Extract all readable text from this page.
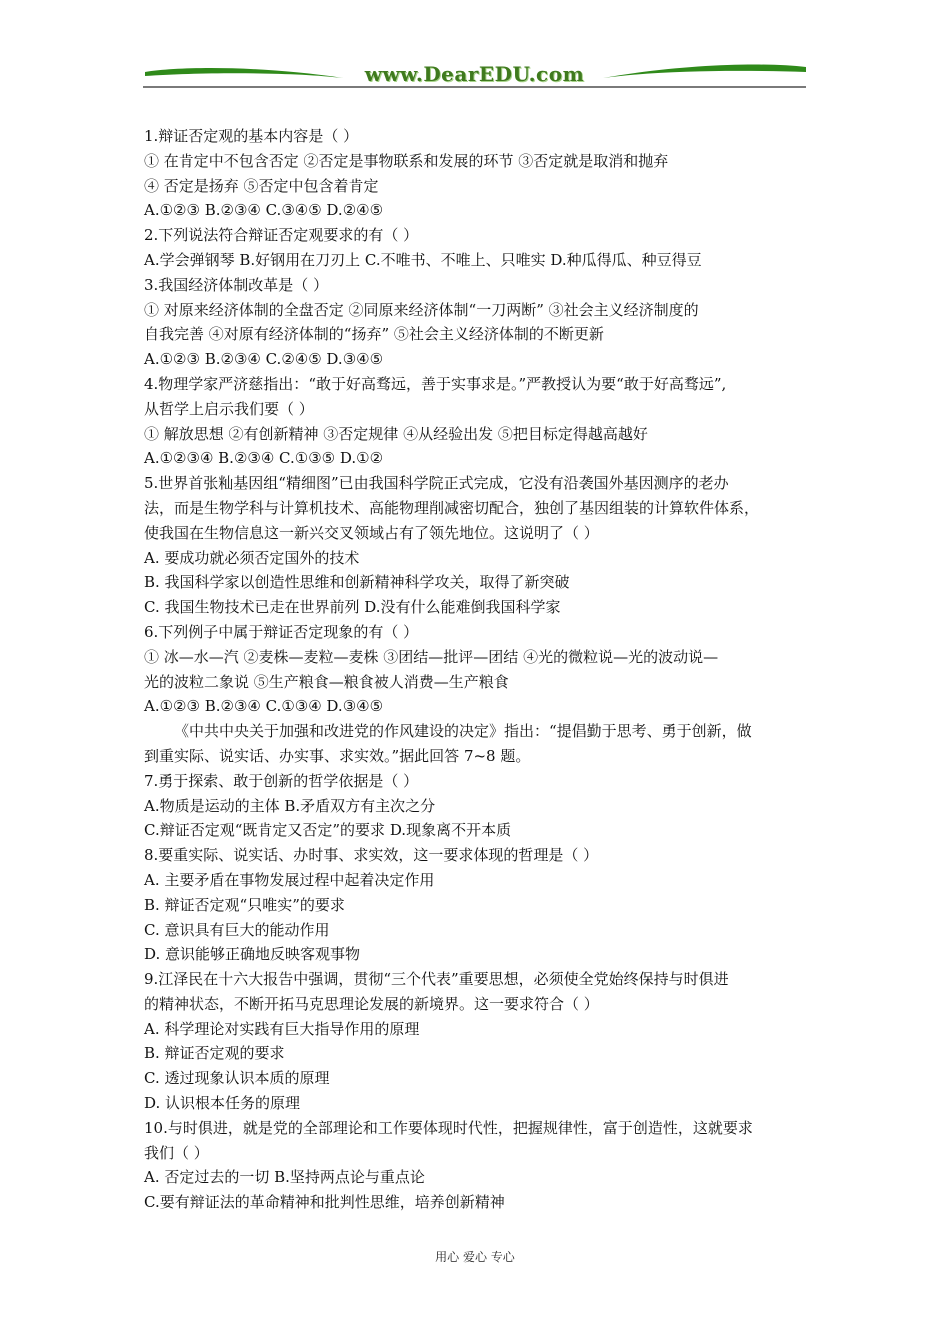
www.DearEDU.com
1.辩证否定观的基本内容是（ ）
① 在肯定中不包含否定 ②否定是事物联系和发展的环节 ③否定就是取消和抛弃
④ 否定是扬弃 ⑤否定中包含着肯定
A.①②③ B.②③④ C.③④⑤ D.②④⑤
2.下列说法符合辩证否定观要求的有（ ）
A.学会弹钢琴 B.好钢用在刀刃上 C.不唯书、不唯上、只唯实 D.种瓜得瓜、种豆得豆
3.我国经济体制改革是（ ）
① 对原来经济体制的全盘否定 ②同原来经济体制“一刀两断” ③社会主义经济制度的
自我完善 ④对原有经济体制的“扬弃” ⑤社会主义经济体制的不断更新
A.①②③ B.②③④ C.②④⑤ D.③④⑤
4.物理学家严济慈指出：“敢于好高骛远，善于实事求是。”严教授认为要“敢于好高骛远”,
从哲学上启示我们要（ ）
① 解放思想 ②有创新精神 ③否定规律 ④从经验出发 ⑤把目标定得越高越好
A.①②③④ B.②③④ C.①③⑤ D.①②
5.世界首张籼基因组“精细图”已由我国科学院正式完成，它没有沿袭国外基因测序的老办
法，而是生物学科与计算机技术、高能物理削减密切配合，独创了基因组装的计算软件体系，
使我国在生物信息这一新兴交叉领域占有了领先地位。这说明了（ ）
A. 要成功就必须否定国外的技术
B. 我国科学家以创造性思维和创新精神科学攻关，取得了新突破
C. 我国生物技术已走在世界前列 D.没有什么能难倒我国科学家
6.下列例子中属于辩证否定现象的有（ ）
① 冰—水—汽 ②麦株—麦粒—麦株 ③团结—批评—团结 ④光的微粒说—光的波动说—
光的波粒二象说 ⑤生产粮食—粮食被人消费—生产粮食
A.①②③ B.②③④ C.①③④ D.③④⑤
《中共中央关于加强和改进党的作风建设的决定》指出：“提倡勤于思考、勇于创新，做
到重实际、说实话、办实事、求实效。”据此回答 7~8 题。
7.勇于探索、敢于创新的哲学依据是（ ）
A.物质是运动的主体 B.矛盾双方有主次之分
C.辩证否定观“既肯定又否定”的要求 D.现象离不开本质
8.要重实际、说实话、办时事、求实效，这一要求体现的哲理是（ ）
A. 主要矛盾在事物发展过程中起着决定作用
B. 辩证否定观“只唯实”的要求
C. 意识具有巨大的能动作用
D. 意识能够正确地反映客观事物
9.江泽民在十六大报告中强调，贯彻“三个代表”重要思想，必须使全党始终保持与时俱进
的精神状态，不断开拓马克思理论发展的新境界。这一要求符合（ ）
A. 科学理论对实践有巨大指导作用的原理
B. 辩证否定观的要求
C. 透过现象认识本质的原理
D. 认识根本任务的原理
10.与时俱进，就是党的全部理论和工作要体现时代性，把握规律性，富于创造性，这就要求
我们（ ）
A. 否定过去的一切 B.坚持两点论与重点论
C.要有辩证法的革命精神和批判性思维，培养创新精神
用心 爱心 专心
